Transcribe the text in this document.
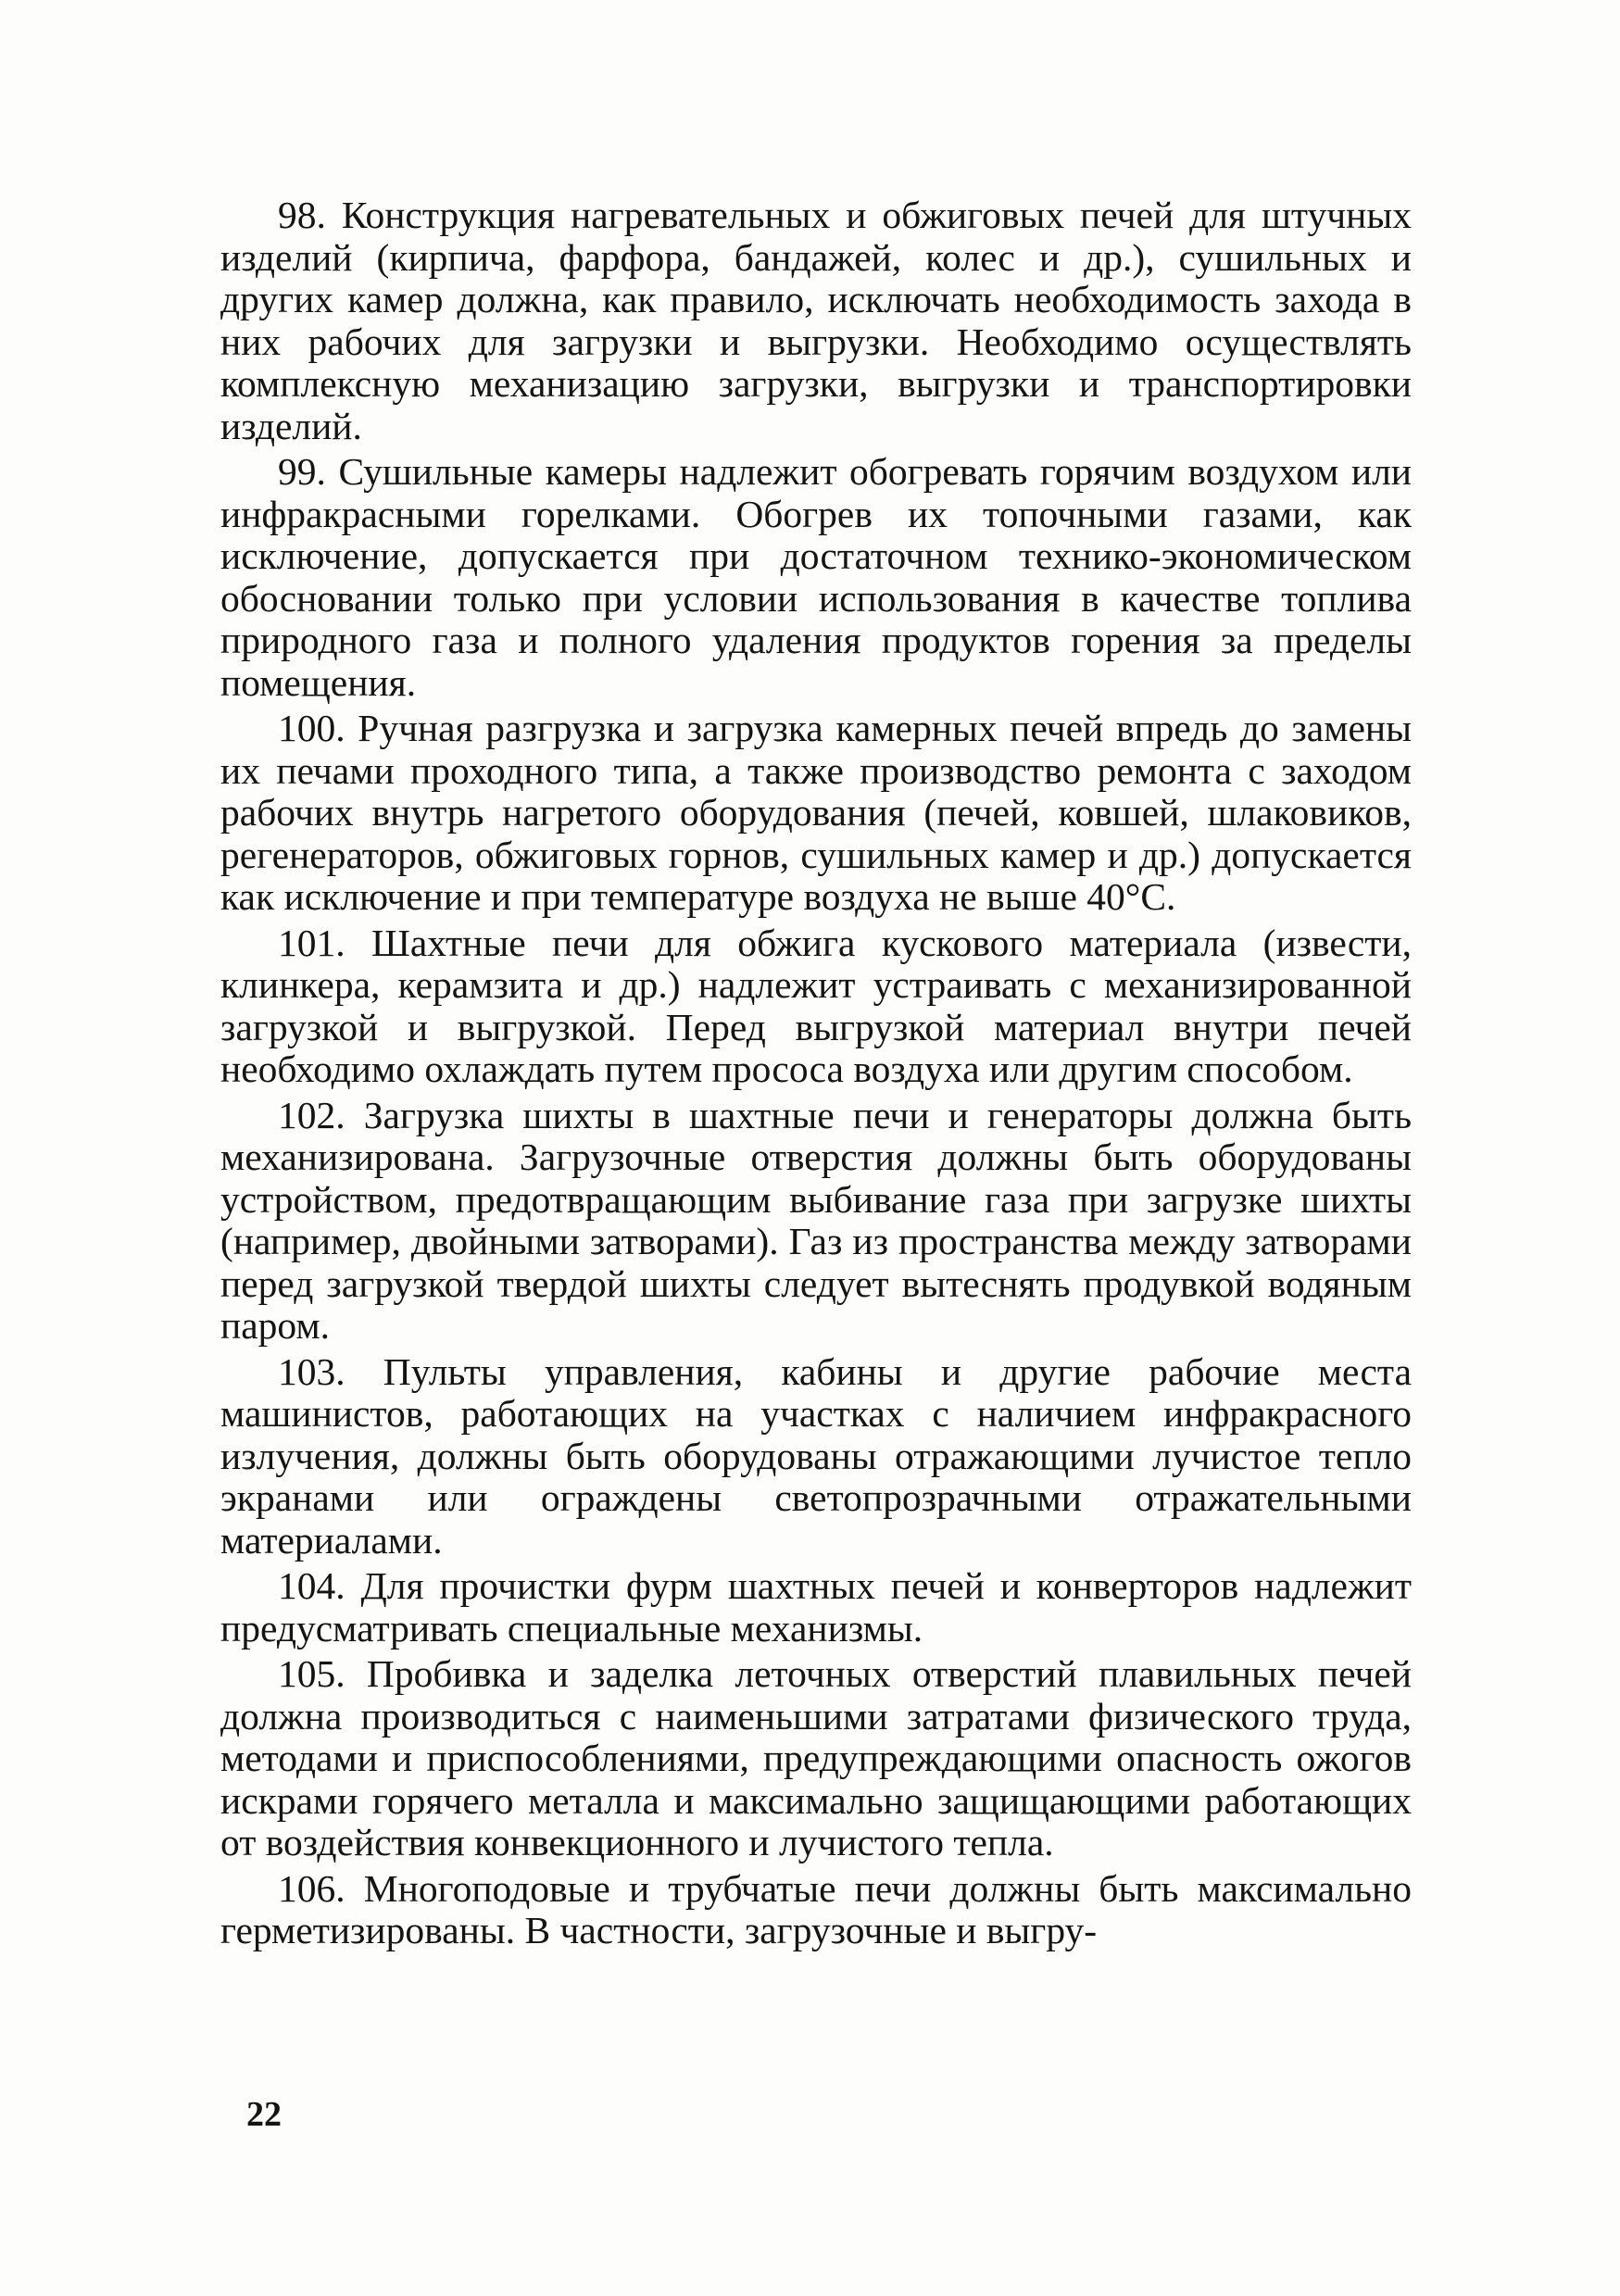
98. Конструкция нагревательных и обжиговых печей для штучных изделий (кирпича, фарфора, бандажей, колес и др.), сушильных и других камер должна, как правило, исключать необходимость захода в них рабочих для загрузки и выгрузки. Необходимо осуществлять комплексную механизацию загрузки, выгрузки и транспортировки изделий.

99. Сушильные камеры надлежит обогревать горячим воздухом или инфракрасными горелками. Обогрев их топочными газами, как исключение, допускается при достаточном технико-экономическом обосновании только при условии использования в качестве топлива природного газа и полного удаления продуктов горения за пределы помещения.

100. Ручная разгрузка и загрузка камерных печей впредь до замены их печами проходного типа, а также производство ремонта с заходом рабочих внутрь нагретого оборудования (печей, ковшей, шлаковиков, регенераторов, обжиговых горнов, сушильных камер и др.) допускается как исключение и при температуре воздуха не выше 40°С.

101. Шахтные печи для обжига кускового материала (извести, клинкера, керамзита и др.) надлежит устраивать с механизированной загрузкой и выгрузкой. Перед выгрузкой материал внутри печей необходимо охлаждать путем прососа воздуха или другим способом.

102. Загрузка шихты в шахтные печи и генераторы должна быть механизирована. Загрузочные отверстия должны быть оборудованы устройством, предотвращающим выбивание газа при загрузке шихты (например, двойными затворами). Газ из пространства между затворами перед загрузкой твердой шихты следует вытеснять продувкой водяным паром.

103. Пульты управления, кабины и другие рабочие места машинистов, работающих на участках с наличием инфракрасного излучения, должны быть оборудованы отражающими лучистое тепло экранами или ограждены светопрозрачными отражательными материалами.

104. Для прочистки фурм шахтных печей и конверторов надлежит предусматривать специальные механизмы.

105. Пробивка и заделка леточных отверстий плавильных печей должна производиться с наименьшими затратами физического труда, методами и приспособлениями, предупреждающими опасность ожогов искрами горячего металла и максимально защищающими работающих от воздействия конвекционного и лучистого тепла.

106. Многоподовые и трубчатые печи должны быть максимально герметизированы. В частности, загрузочные и выгру-

22
